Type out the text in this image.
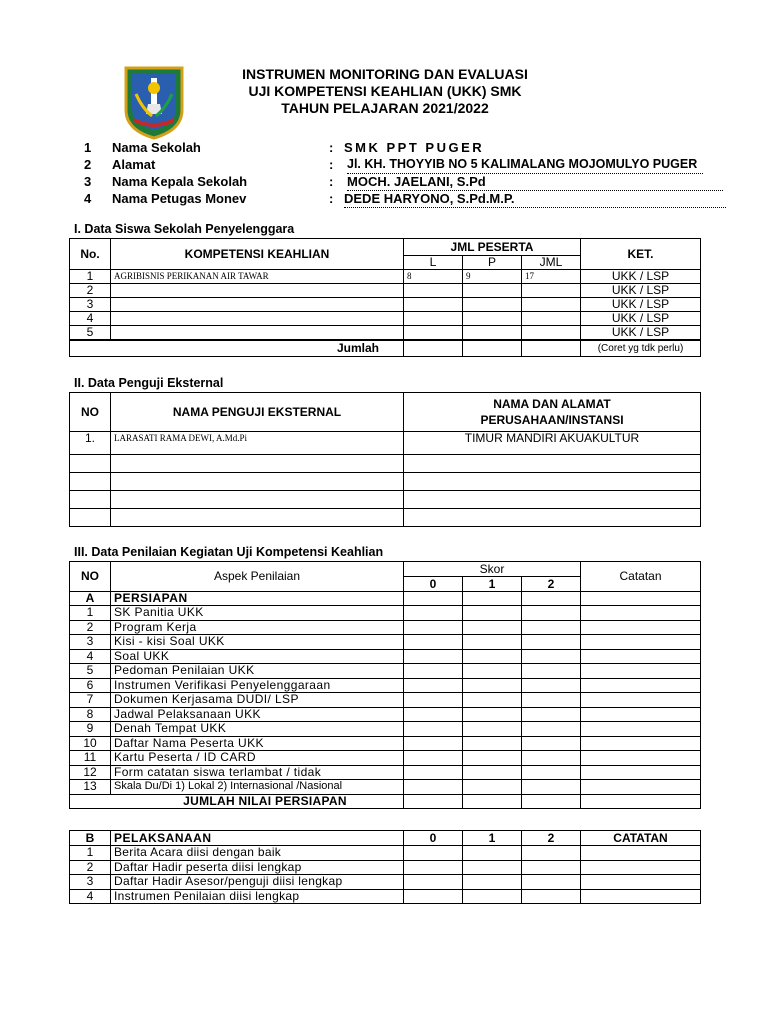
INSTRUMEN MONITORING DAN EVALUASI
UJI KOMPETENSI KEAHLIAN (UKK) SMK
TAHUN PELAJARAN 2021/2022
1	Nama Sekolah	: SMK PPT PUGER
2	Alamat	: Jl. KH. THOYYIB NO 5 KALIMALANG MOJOMULYO PUGER
3	Nama Kepala Sekolah	: MOCH. JAELANI, S.Pd
4	Nama Petugas Monev	: DEDE HARYONO, S.Pd.M.P.
I. Data Siswa Sekolah Penyelenggara
No.	KOMPETENSI KEAHLIAN	JML PESERTA			KET.
		L	P	JML	
1	AGRIBISNIS PERIKANAN AIR TAWAR	8	9	17	UKK / LSP
2					UKK / LSP
3					UKK / LSP
4					UKK / LSP
5					UKK / LSP
Jumlah					(Coret yg tdk perlu)
II. Data Penguji Eksternal
NO	NAMA PENGUJI EKSTERNAL	NAMA DAN ALAMAT
PERUSAHAAN/INSTANSI

1.	LARASATI RAMA DEWI, A.Md.Pi	TIMUR MANDIRI AKUAKULTUR

III. Data Penilaian Kegiatan Uji Kompetensi Keahlian
NO	Aspek Penilaian	Skor			Catatan
		0	1	2	
A	PERSIAPAN				
1	SK Panitia UKK				
2	Program Kerja				
3	Kisi - kisi Soal UKK				
4	Soal UKK				
5	Pedoman Penilaian UKK				
6	Instrumen Verifikasi Penyelenggaraan				
7	Dokumen Kerjasama DUDI/ LSP				
8	Jadwal Pelaksanaan UKK				
9	Denah Tempat UKK				
10	Daftar Nama Peserta UKK				
11	Kartu Peserta / ID CARD				
12	Form catatan siswa terlambat / tidak				
13	Skala Du/Di 1) Lokal 2) Internasional /Nasional				
JUMLAH NILAI PERSIAPAN					
B	PELAKSANAAN	0	1	2	CATATAN
1	Berita Acara diisi dengan baik				
2	Daftar Hadir peserta diisi lengkap				
3	Daftar Hadir Asesor/penguji diisi lengkap				
4	Instrumen Penilaian diisi lengkap				
